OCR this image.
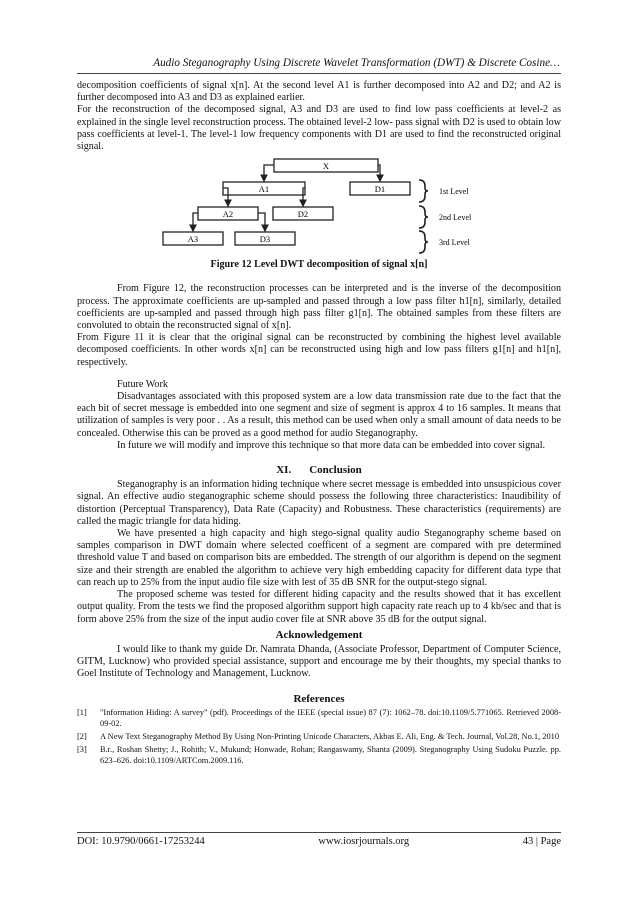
Audio Steganography Using Discrete Wavelet Transformation (DWT) & Discrete Cosine…

decomposition coefficients of signal x[n]. At the second level A1 is further decomposed into A2 and D2; and A2 is further decomposed into A3 and D3 as explained earlier.

For the reconstruction of the decomposed signal, A3 and D3 are used to find low pass coefficients at level-2 as explained in the single level reconstruction process. The obtained level-2 low- pass signal with D2 is used to obtain low pass coefficients at level-1. The level-1 low frequency components with D1 are used to find the reconstructed original signal.

X
A1	D1
A2	D2
A3	D3
1st Level
2nd Level
3rd Level
Figure 12 Level DWT decomposition of signal x[n]

From Figure 12, the reconstruction processes can be interpreted and is the inverse of the decomposition process. The approximate coefficients are up-sampled and passed through a low pass filter h1[n], similarly, detailed coefficients are up-sampled and passed through high pass filter g1[n]. The obtained samples from these filters are convoluted to obtain the reconstructed signal of x[n].

From Figure 11 it is clear that the original signal can be reconstructed by combining the highest level available decomposed coefficients. In other words x[n] can be reconstructed using high and low pass filters g1[n] and h1[n], respectively.

Future Work

Disadvantages associated with this proposed system are a low data transmission rate due to the fact that the each bit of secret message is embedded into one segment and size of segment is approx 4 to 16 samples. It means that utilization of samples is very poor . . As a result, this method can be used when only a small amount of data needs to be concealed. Otherwise this can be proved as a good method for audio Steganography.

In future we will modify and improve this technique so that more data can be embedded into cover signal.

XI. Conclusion

Steganography is an information hiding technique where secret message is embedded into unsuspicious cover signal. An effective audio steganographic scheme should possess the following three characteristics: Inaudibility of distortion (Perceptual Transparency), Data Rate (Capacity) and Robustness. These characteristics (requirements) are called the magic triangle for data hiding.

We have presented a high capacity and high stego-signal quality audio Steganography scheme based on samples comparison in DWT domain where selected coefficent of a segment are compared with pre determined threshold value T and based on comparison bits are embedded. The strength of our algorithm is depend on the segment size and their strength are enabled the algorithm to achieve very high embedding capacity for different data type that can reach up to 25% from the input audio file size with lest of 35 dB SNR for the output-stego signal.

The proposed scheme was tested for different hiding capacity and the results showed that it has excellent output quality. From the tests we find the proposed algorithm support high capacity rate reach up to 4 kb/sec and that is form above 25% from the size of the input audio cover file at SNR above 35 dB for the output signal.

Acknowledgement

I would like to thank my guide Dr. Namrata Dhanda, (Associate Professor, Department of Computer Science, GITM, Lucknow) who provided special assistance, support and encourage me by their thoughts, my special thanks to Goel Institute of Technology and Management, Lucknow.

References
[1]	"Information Hiding: A survey" (pdf). Proceedings of the IEEE (special issue) 87 (7): 1062–78. doi:10.1109/5.771065. Retrieved 2008-09-02.
[2]	A New Text Steganography Method By Using Non-Printing Unicode Characters, Akbas E. Ali, Eng. & Tech. Journal, Vol.28, No.1, 2010
[3]	B.r., Roshan Shetty; J., Rohith; V., Mukund; Honwade, Rohan; Rangaswamy, Shanta (2009). Steganography Using Sudoku Puzzle. pp. 623–626. doi:10.1109/ARTCom.2009.116.
DOI: 10.9790/0661-17253244	www.iosrjournals.org	43 | Page
